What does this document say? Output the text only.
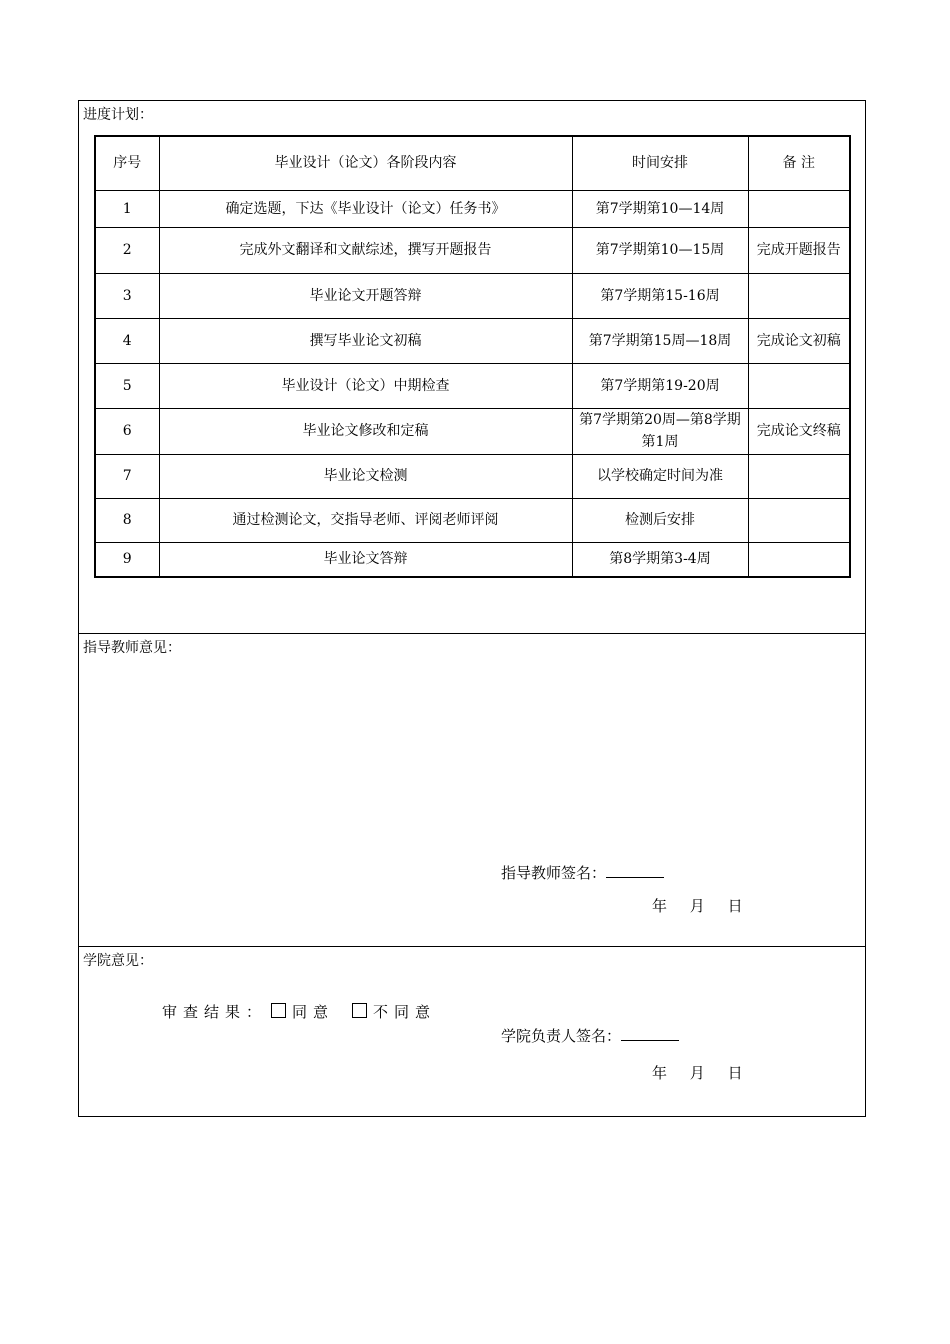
进度计划：
序号	毕业设计（论文）各阶段内容	时间安排	备 注
1	确定选题，下达《毕业设计（论文）任务书》	第7学期第10—14周	
2	完成外文翻译和文献综述，撰写开题报告	第7学期第10—15周	完成开题报告
3	毕业论文开题答辩	第7学期第15-16周	
4	撰写毕业论文初稿	第7学期第15周—18周	完成论文初稿
5	毕业设计（论文）中期检查	第7学期第19-20周	
6	毕业论文修改和定稿	第7学期第20周—第8学期第1周	完成论文终稿
7	毕业论文检测	以学校确定时间为准	
8	通过检测论文，交指导老师、评阅老师评阅	检测后安排	
9	毕业论文答辩	第8学期第3-4周	
指导教师意见：
指导教师签名：
年 月 日
学院意见：
审查结果： 同意	不同意
学院负责人签名：
年 月 日
